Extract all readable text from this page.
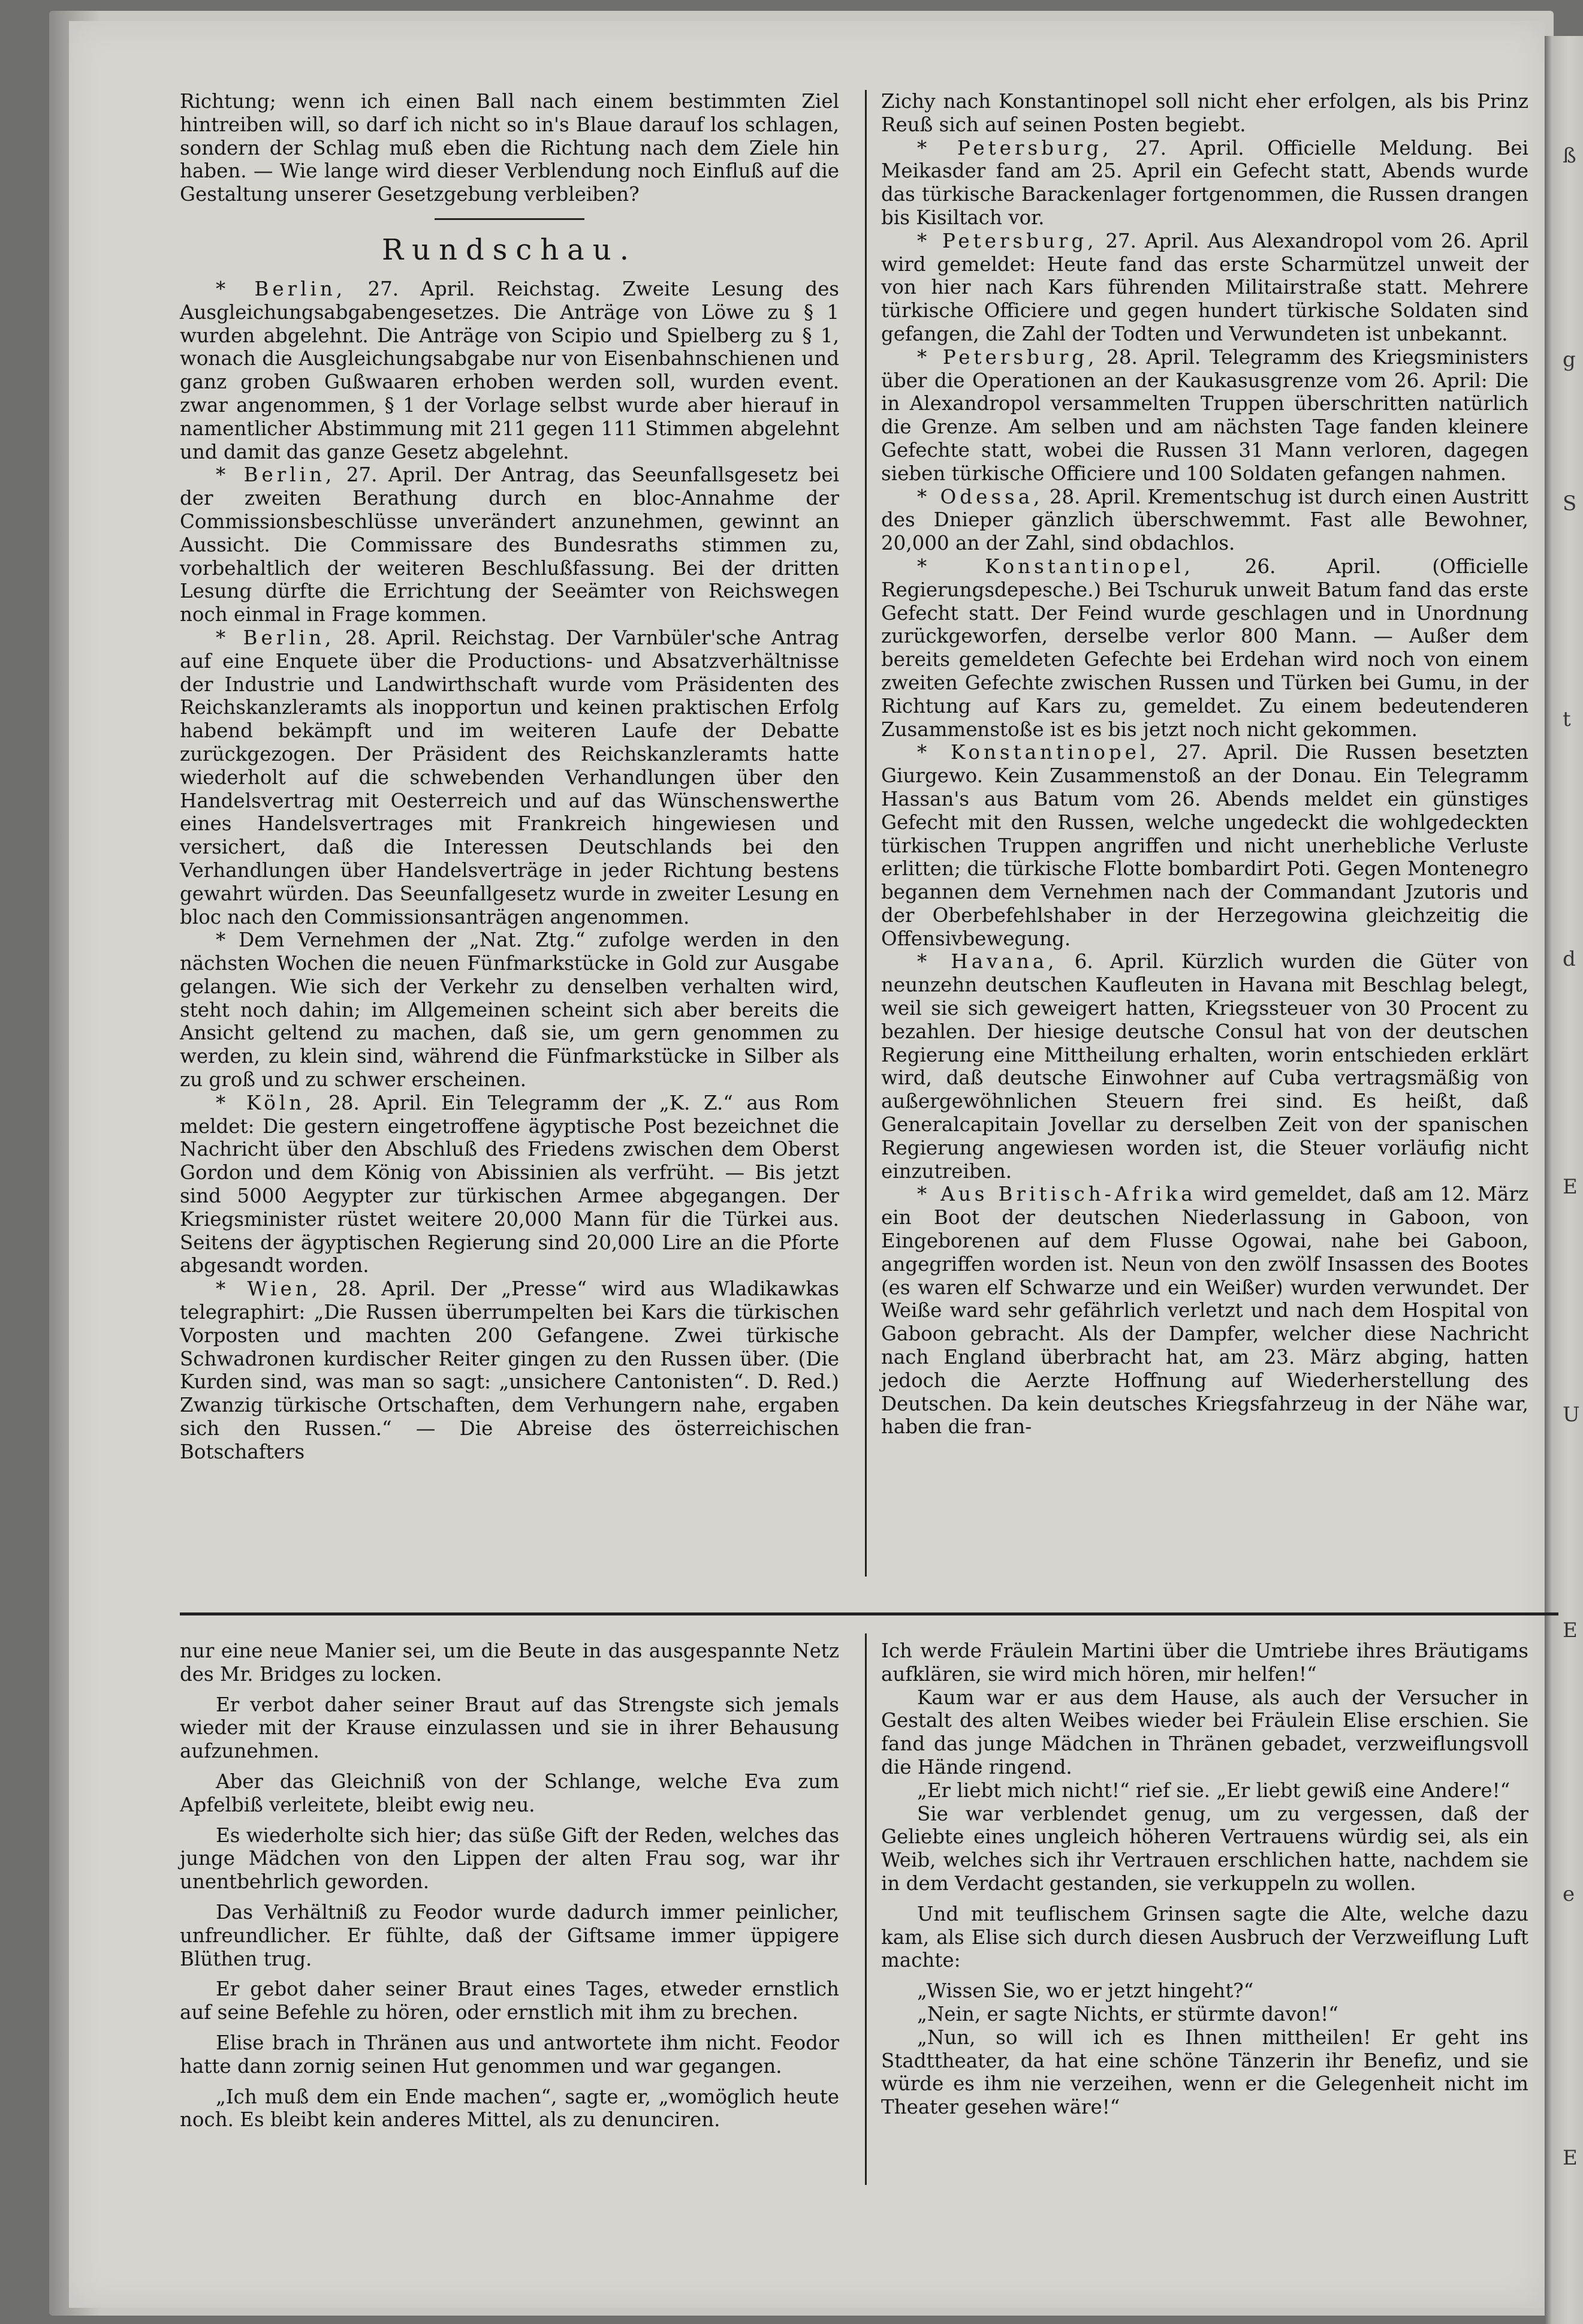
ß
g
S
t
d
E
U
E
e
E

Richtung; wenn ich einen Ball nach einem bestimmten Ziel hintreiben will, so darf ich nicht so in's Blaue darauf los schlagen, sondern der Schlag muß eben die Richtung nach dem Ziele hin haben. — Wie lange wird dieser Verblendung noch Einfluß auf die Gestaltung unserer Gesetzgebung verbleiben?

Rundschau.

* Berlin, 27. April. Reichstag. Zweite Lesung des Ausgleichungsabgabengesetzes. Die Anträge von Löwe zu § 1 wurden abgelehnt. Die Anträge von Scipio und Spielberg zu § 1, wonach die Ausgleichungsabgabe nur von Eisenbahnschienen und ganz groben Gußwaaren erhoben werden soll, wurden event. zwar angenommen, § 1 der Vorlage selbst wurde aber hierauf in namentlicher Abstimmung mit 211 gegen 111 Stimmen abgelehnt und damit das ganze Gesetz abgelehnt.

* Berlin, 27. April. Der Antrag, das Seeunfallsgesetz bei der zweiten Berathung durch en bloc-Annahme der Commissionsbeschlüsse unverändert anzunehmen, gewinnt an Aussicht. Die Commissare des Bundesraths stimmen zu, vorbehaltlich der weiteren Beschlußfassung. Bei der dritten Lesung dürfte die Errichtung der Seeämter von Reichswegen noch einmal in Frage kommen.

* Berlin, 28. April. Reichstag. Der Varnbüler'sche Antrag auf eine Enquete über die Productions- und Absatzverhältnisse der Industrie und Landwirthschaft wurde vom Präsidenten des Reichskanzleramts als inopportun und keinen praktischen Erfolg habend bekämpft und im weiteren Laufe der Debatte zurückgezogen. Der Präsident des Reichskanzleramts hatte wiederholt auf die schwebenden Verhandlungen über den Handelsvertrag mit Oesterreich und auf das Wünschenswerthe eines Handelsvertrages mit Frankreich hingewiesen und versichert, daß die Interessen Deutschlands bei den Verhandlungen über Handelsverträge in jeder Richtung bestens gewahrt würden. Das Seeunfallgesetz wurde in zweiter Lesung en bloc nach den Commissionsanträgen angenommen.

* Dem Vernehmen der „Nat. Ztg.“ zufolge werden in den nächsten Wochen die neuen Fünfmarkstücke in Gold zur Ausgabe gelangen. Wie sich der Verkehr zu denselben verhalten wird, steht noch dahin; im Allgemeinen scheint sich aber bereits die Ansicht geltend zu machen, daß sie, um gern genommen zu werden, zu klein sind, während die Fünfmarkstücke in Silber als zu groß und zu schwer erscheinen.

* Köln, 28. April. Ein Telegramm der „K. Z.“ aus Rom meldet: Die gestern eingetroffene ägyptische Post bezeichnet die Nachricht über den Abschluß des Friedens zwischen dem Oberst Gordon und dem König von Abissinien als verfrüht. — Bis jetzt sind 5000 Aegypter zur türkischen Armee abgegangen. Der Kriegsminister rüstet weitere 20,000 Mann für die Türkei aus. Seitens der ägyptischen Regierung sind 20,000 Lire an die Pforte abgesandt worden.

* Wien, 28. April. Der „Presse“ wird aus Wladikawkas telegraphirt: „Die Russen überrumpelten bei Kars die türkischen Vorposten und machten 200 Gefangene. Zwei türkische Schwadronen kurdischer Reiter gingen zu den Russen über. (Die Kurden sind, was man so sagt: „unsichere Cantonisten“. D. Red.) Zwanzig türkische Ortschaften, dem Verhungern nahe, ergaben sich den Russen.“ — Die Abreise des österreichischen Botschafters

Zichy nach Konstantinopel soll nicht eher erfolgen, als bis Prinz Reuß sich auf seinen Posten begiebt.

* Petersburg, 27. April. Officielle Meldung. Bei Meikasder fand am 25. April ein Gefecht statt, Abends wurde das türkische Barackenlager fortgenommen, die Russen drangen bis Kisiltach vor.

* Petersburg, 27. April. Aus Alexandropol vom 26. April wird gemeldet: Heute fand das erste Scharmützel unweit der von hier nach Kars führenden Militairstraße statt. Mehrere türkische Officiere und gegen hundert türkische Soldaten sind gefangen, die Zahl der Todten und Verwundeten ist unbekannt.

* Petersburg, 28. April. Telegramm des Kriegsministers über die Operationen an der Kaukasusgrenze vom 26. April: Die in Alexandropol versammelten Truppen überschritten natürlich die Grenze. Am selben und am nächsten Tage fanden kleinere Gefechte statt, wobei die Russen 31 Mann verloren, dagegen sieben türkische Officiere und 100 Soldaten gefangen nahmen.

* Odessa, 28. April. Krementschug ist durch einen Austritt des Dnieper gänzlich überschwemmt. Fast alle Bewohner, 20,000 an der Zahl, sind obdachlos.

* Konstantinopel,	26. April. (Officielle Regierungsdepesche.) Bei Tschuruk unweit Batum fand das erste Gefecht statt. Der Feind wurde geschlagen und in Unordnung zurückgeworfen, derselbe verlor 800 Mann. — Außer dem bereits gemeldeten Gefechte bei Erdehan wird noch von einem zweiten Gefechte zwischen Russen und Türken bei Gumu, in der Richtung auf Kars zu, gemeldet. Zu einem bedeutenderen Zusammenstoße ist es bis jetzt noch nicht gekommen.

* Konstantinopel, 27. April. Die Russen besetzten Giurgewo. Kein Zusammenstoß an der Donau. Ein Telegramm Hassan's aus Batum vom 26. Abends meldet ein günstiges Gefecht mit den Russen, welche ungedeckt die wohlgedeckten türkischen Truppen angriffen und nicht unerhebliche Verluste erlitten; die türkische Flotte bombardirt Poti. Gegen Montenegro begannen dem Vernehmen nach der Commandant Jzutoris und der Oberbefehlshaber in der Herzegowina gleichzeitig die Offensivbewegung.

* Havana, 6. April. Kürzlich wurden die Güter von neunzehn deutschen Kaufleuten in Havana mit Beschlag belegt, weil sie sich geweigert hatten, Kriegssteuer von 30 Procent zu bezahlen. Der hiesige deutsche Consul hat von der deutschen Regierung eine Mittheilung erhalten, worin entschieden erklärt wird, daß deutsche Einwohner auf Cuba vertragsmäßig von außergewöhnlichen Steuern frei sind. Es heißt, daß Generalcapitain Jovellar zu derselben Zeit von der spanischen Regierung angewiesen worden ist, die Steuer vorläufig nicht einzutreiben.

* Aus Britisch-Afrika wird gemeldet, daß am 12. März ein Boot der deutschen Niederlassung in Gaboon, von Eingeborenen auf dem Flusse Ogowai, nahe bei Gaboon, angegriffen worden ist. Neun von den zwölf Insassen des Bootes (es waren elf Schwarze und ein Weißer) wurden verwundet. Der Weiße ward sehr gefährlich verletzt und nach dem Hospital von Gaboon gebracht. Als der Dampfer, welcher diese Nachricht nach England überbracht hat, am 23. März abging, hatten jedoch die Aerzte Hoffnung auf Wiederherstellung des Deutschen. Da kein deutsches Kriegsfahrzeug in der Nähe war, haben die fran-

nur eine neue Manier sei, um die Beute in das ausgespannte Netz des Mr. Bridges zu locken.

Er verbot daher seiner Braut auf das Strengste sich jemals wieder mit der Krause einzulassen und sie in ihrer Behausung aufzunehmen.

Aber das Gleichniß von der Schlange, welche Eva zum Apfelbiß verleitete, bleibt ewig neu.

Es wiederholte sich hier; das süße Gift der Reden, welches das junge Mädchen von den Lippen der alten Frau sog, war ihr unentbehrlich geworden.

Das Verhältniß zu Feodor wurde dadurch immer peinlicher, unfreundlicher. Er fühlte, daß der Giftsame immer üppigere Blüthen trug.

Er gebot daher seiner Braut eines Tages, etweder ernstlich auf seine Befehle zu hören, oder ernstlich mit ihm zu brechen.

Elise brach in Thränen aus und antwortete ihm nicht. Feodor hatte dann zornig seinen Hut genommen und war gegangen.

„Ich muß dem ein Ende machen“, sagte er, „womöglich heute noch. Es bleibt kein anderes Mittel, als zu denunciren.

Ich werde Fräulein Martini über die Umtriebe ihres Bräutigams aufklären, sie wird mich hören, mir helfen!“

Kaum war er aus dem Hause, als auch der Versucher in Gestalt des alten Weibes wieder bei Fräulein Elise erschien. Sie fand das junge Mädchen in Thränen gebadet, verzweiflungsvoll die Hände ringend.

„Er liebt mich nicht!“ rief sie. „Er liebt gewiß eine Andere!“

Sie war verblendet genug, um zu vergessen, daß der Geliebte eines ungleich höheren Vertrauens würdig sei, als ein Weib, welches sich ihr Vertrauen erschlichen hatte, nachdem sie in dem Verdacht gestanden, sie verkuppeln zu wollen.

Und mit teuflischem Grinsen sagte die Alte, welche dazu kam, als Elise sich durch diesen Ausbruch der Verzweiflung Luft machte:

„Wissen Sie, wo er jetzt hingeht?“

„Nein, er sagte Nichts, er stürmte davon!“

„Nun, so will ich es Ihnen mittheilen! Er geht ins Stadttheater, da hat eine schöne Tänzerin ihr Benefiz, und sie würde es ihm nie verzeihen, wenn er die Gelegenheit nicht im Theater gesehen wäre!“
